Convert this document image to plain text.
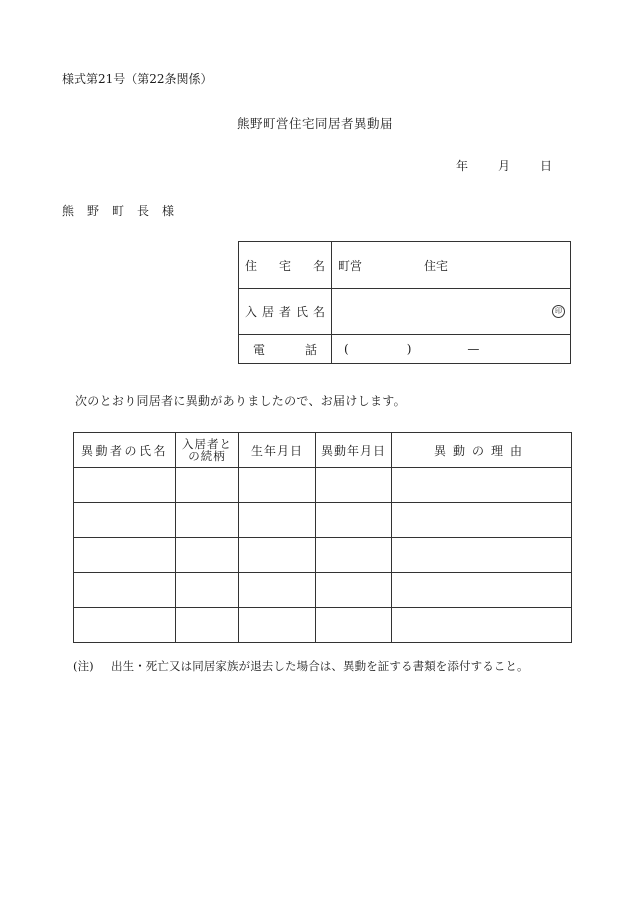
様式第21号（第22条関係）
熊野町営住宅同居者異動届
年	月	日
熊野町長様
住宅名	町営 住宅
入居者氏名	印

電話	( ) —
次のとおり同居者に異動がありましたので、お届けします。
異動者の氏名	入居者との続柄	生年月日	異動年月日	異動の理由

(注) 出生・死亡又は同居家族が退去した場合は、異動を証する書類を添付すること。
